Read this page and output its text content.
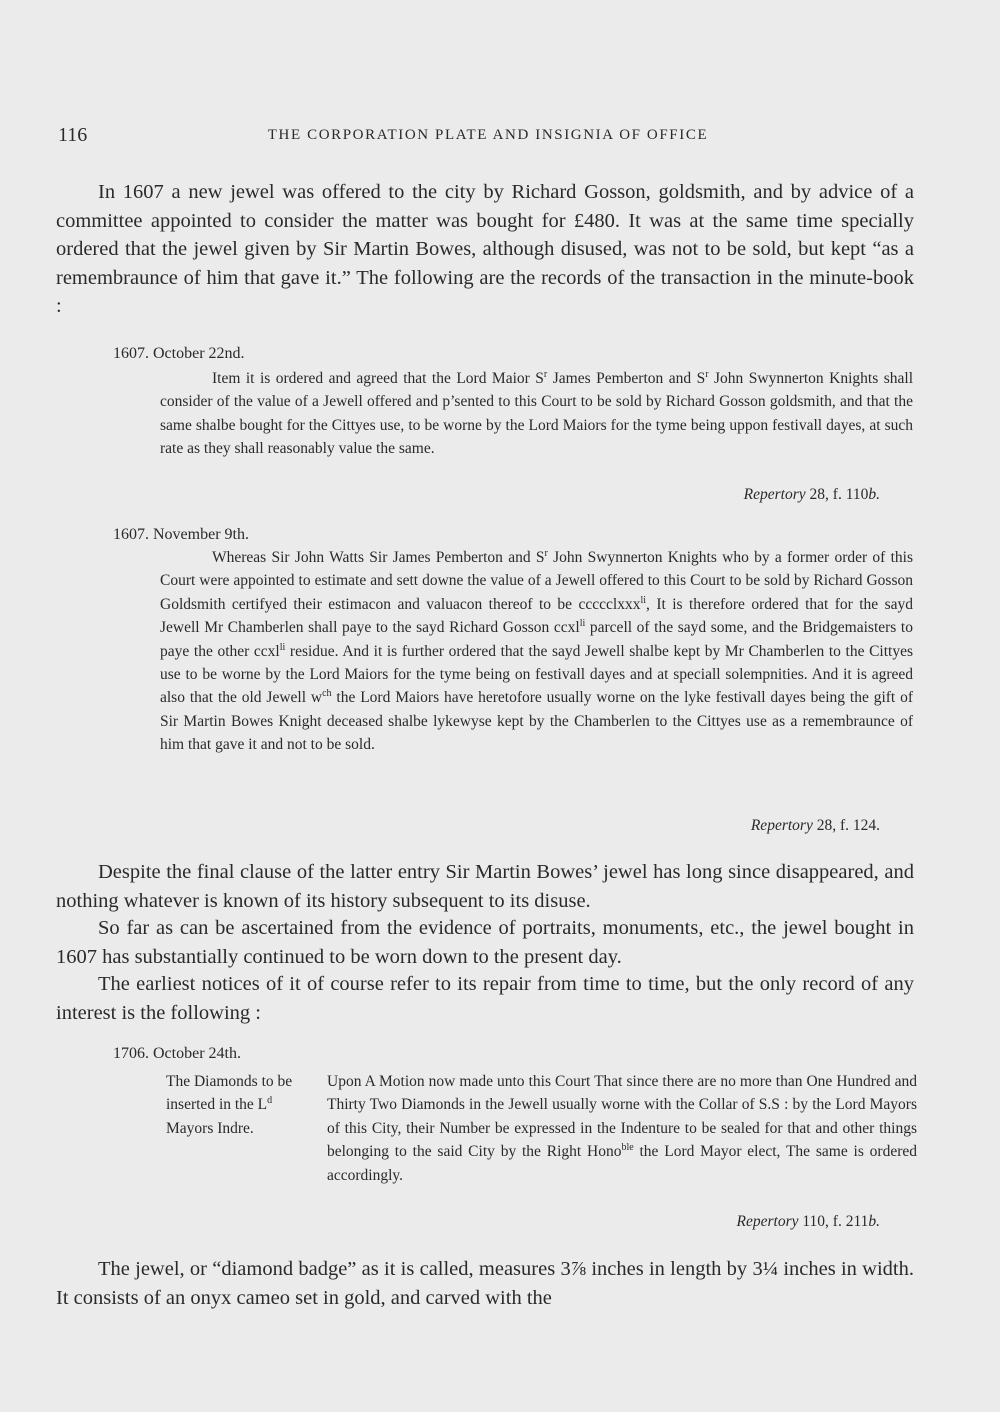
116	THE CORPORATION PLATE AND INSIGNIA OF OFFICE

In 1607 a new jewel was offered to the city by Richard Gosson, goldsmith, and by advice of a committee appointed to consider the matter was bought for £480. It was at the same time specially ordered that the jewel given by Sir Martin Bowes, although disused, was not to be sold, but kept “as a remembraunce of him that gave it.” The following are the records of the transaction in the minute-book :

1607. October 22nd.

Item it is ordered and agreed that the Lord Maior $S^r$ James Pemberton and $S^r$ John Swynnerton Knights shall consider of the value of a Jewell offered and p’sented to this Court to be sold by Richard Gosson goldsmith, and that the same shalbe bought for the Cittyes use, to be worne by the Lord Maiors for the tyme being uppon festivall dayes, at such rate as they shall reasonably value the same.

Repertory 28, f. 110b.
1607. November 9th.

Whereas Sir John Watts Sir James Pemberton and $S^r$ John Swynnerton Knights who by a former order of this Court were appointed to estimate and sett downe the value of a Jewell offered to this Court to be sold by Richard Gosson Goldsmith certifyed their estimacon and valuacon thereof to be ccccclxxx$^{li}$, It is therefore ordered that for the sayd Jewell Mr Chamberlen shall paye to the sayd Richard Gosson ccxl$^{li}$ parcell of the sayd some, and the Bridgemaisters to paye the other ccxl$^{li}$ residue. And it is further ordered that the sayd Jewell shalbe kept by Mr Chamberlen to the Cittyes use to be worne by the Lord Maiors for the tyme being on festivall dayes and at speciall solempnities. And it is agreed also that the old Jewell $w^{ch}$ the Lord Maiors have heretofore usually worne on the lyke festivall dayes being the gift of Sir Martin Bowes Knight deceased shalbe lykewyse kept by the Chamberlen to the Cittyes use as a remembraunce of him that gave it and not to be sold.

Repertory 28, f. 124.

Despite the final clause of the latter entry Sir Martin Bowes’ jewel has long since disappeared, and nothing whatever is known of its history subsequent to its disuse.

So far as can be ascertained from the evidence of portraits, monuments, etc., the jewel bought in 1607 has substantially continued to be worn down to the present day.

The earliest notices of it of course refer to its repair from time to time, but the only record of any interest is the following :

1706. October 24th.

The Diamonds to be inserted in the $L^d$ Mayors Indre.

Upon A Motion now made unto this Court That since there are no more than One Hundred and Thirty Two Diamonds in the Jewell usually worne with the Collar of S.S : by the Lord Mayors of this City, their Number be expressed in the Indenture to be sealed for that and other things belonging to the said City by the Right Hono$^{ble}$ the Lord Mayor elect, The same is ordered accordingly.

Repertory 110, f. 211b.

The jewel, or “diamond badge” as it is called, measures 3⅞ inches in length by 3¼ inches in width. It consists of an onyx cameo set in gold, and carved with the
